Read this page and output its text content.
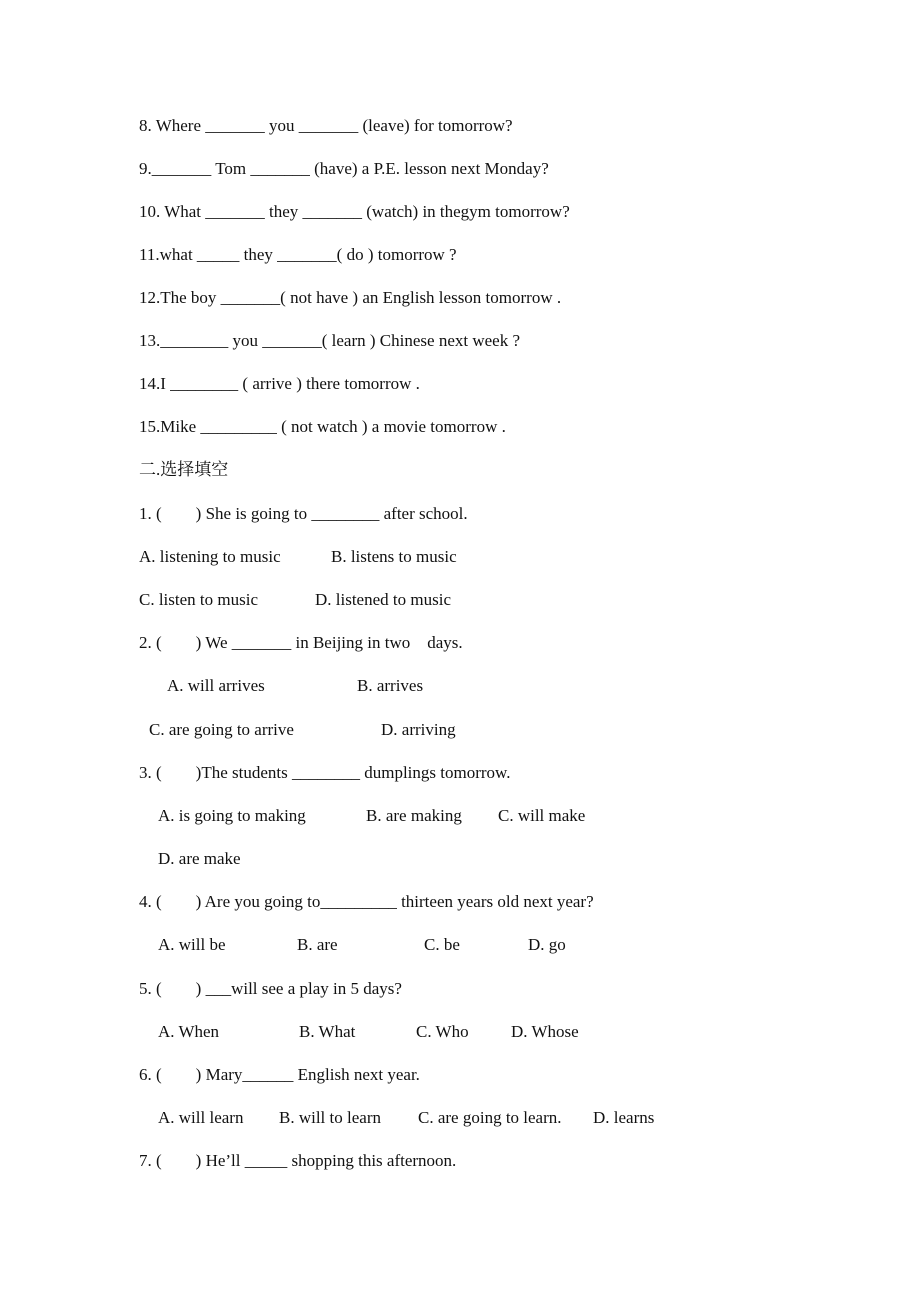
8. Where _______ you _______ (leave) for tomorrow?
9._______ Tom _______ (have) a P.E. lesson next Monday?
10. What _______ they _______ (watch) in thegym tomorrow?
11.what _____ they _______( do ) tomorrow ?
12.The boy _______( not have ) an English lesson tomorrow .
13.________ you _______( learn ) Chinese next week ?
14.I ________ ( arrive ) there tomorrow .
15.Mike _________ ( not watch ) a movie tomorrow .
二.选择填空
1. (        ) She is going to ________ after school.
A. listening to music	B. listens to music
C. listen to music	D. listened to music
2. (        ) We _______ in Beijing in two    days.
A. will arrives	B. arrives
C. are going to arrive	D. arriving
3. (        )The students ________ dumplings tomorrow.
A. is going to making	B. are making C. will make
D. are make
4. (        ) Are you going to_________ thirteen years old next year?
A. will be	B. are	C. be	D. go
5. (        ) ___will see a play in 5 days?
A. When	B. What	C. Who D. Whose
6. (        ) Mary______ English next year.
A. will learn B. will to learn C. are going to learn. D. learns
7. (        ) He’ll _____ shopping this afternoon.
